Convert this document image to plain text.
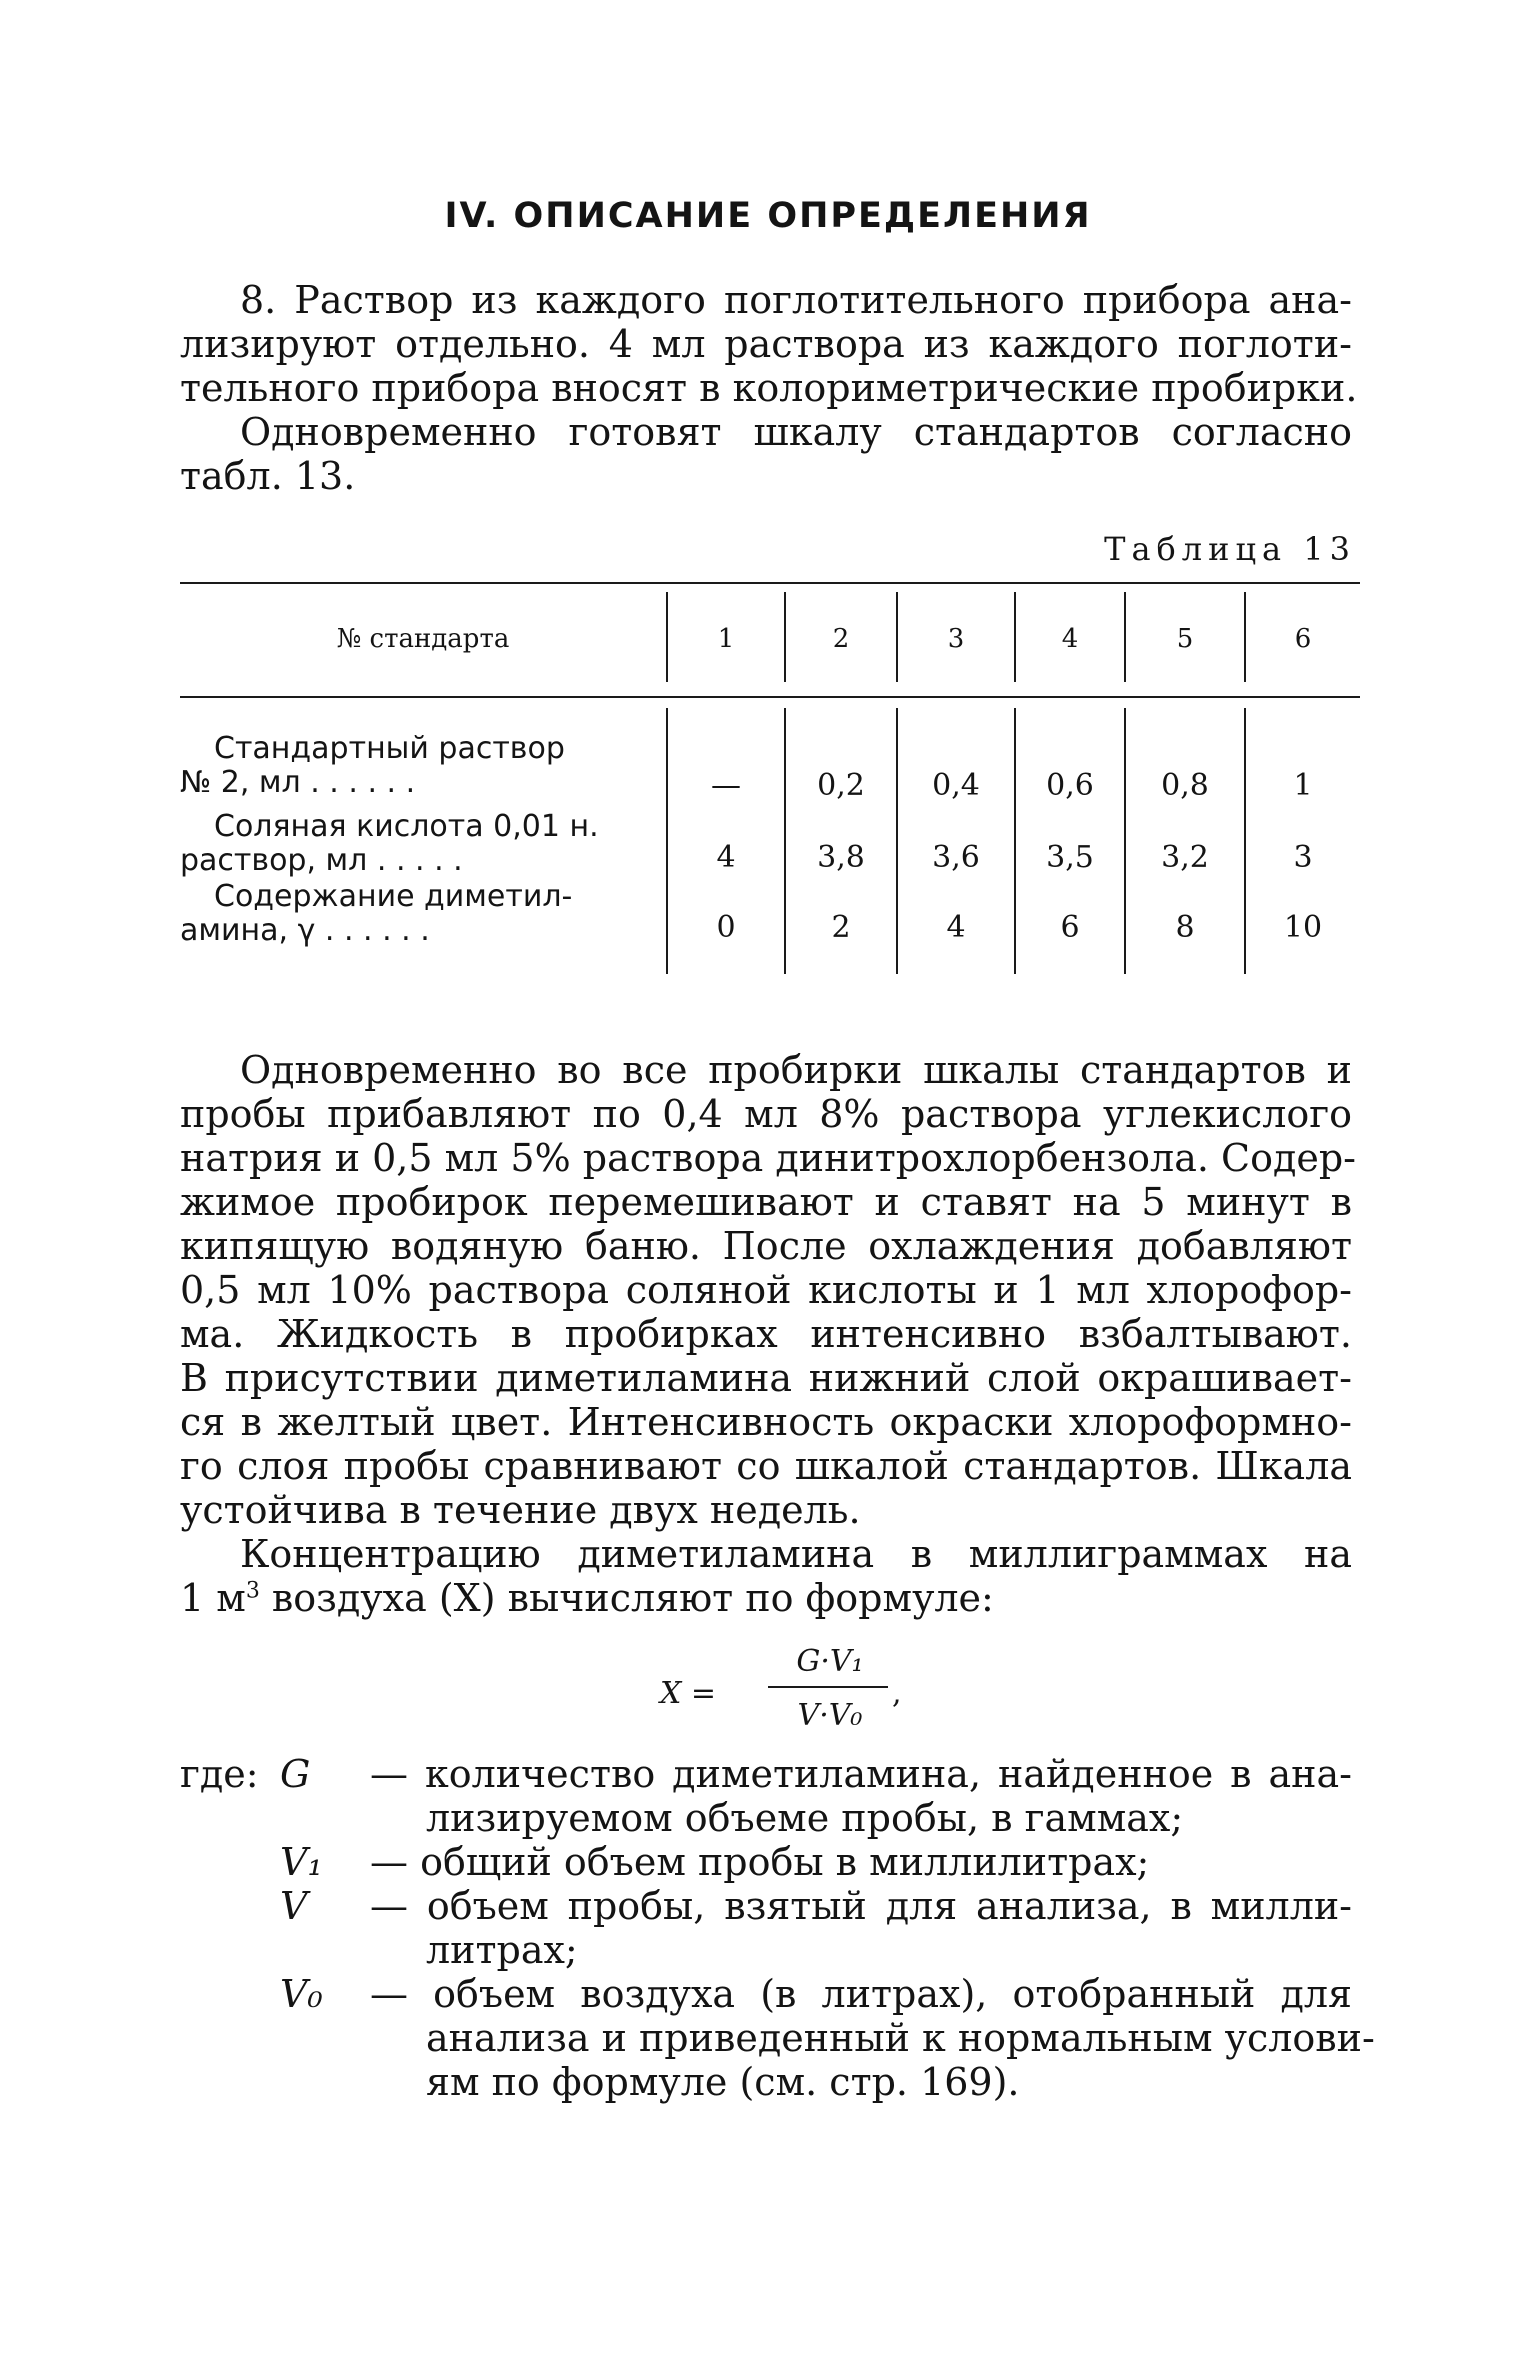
IV. ОПИСАНИЕ ОПРЕДЕЛЕНИЯ
8. Раствор из каждого поглотительного прибора ана-
лизируют отдельно. 4 мл раствора из каждого поглоти-
тельного прибора вносят в колориметрические пробирки.
Одновременно готовят шкалу стандартов согласно
табл. 13.
Таблица 13
№ стандарта	1	2	3	4	5	6
Стандартный раствор
№ 2, мл . . . . . .	—	0,2	0,4	0,6	0,8	1
Соляная кислота 0,01 н.
раствор, мл . . . . .	4	3,8	3,6	3,5	3,2	3
Содержание диметил-
амина, γ . . . . . .	0	2	4	6	8	10
Одновременно во все пробирки шкалы стандартов и
пробы прибавляют по 0,4 мл 8% раствора углекислого
натрия и 0,5 мл 5% раствора динитрохлорбензола. Содер-
жимое пробирок перемешивают и ставят на 5 минут в
кипящую водяную баню. После охлаждения добавляют
0,5 мл 10% раствора соляной кислоты и 1 мл хлорофор-
ма. Жидкость в пробирках интенсивно взбалтывают.
В присутствии диметиламина нижний слой окрашивает-
ся в желтый цвет. Интенсивность окраски хлороформно-
го слоя пробы сравнивают со шкалой стандартов. Шкала
устойчива в течение двух недель.
Концентрацию диметиламина в миллиграммах на
1 $м^3$ воздуха (X) вычисляют по формуле:
X =
G·V₁
V·V₀
,
где: G — количество диметиламина, найденное в ана-
лизируемом объеме пробы, в гаммах;
V₁ — общий объем пробы в миллилитрах;
V — объем пробы, взятый для анализа, в милли-
литрах;
V₀ — объем воздуха (в литрах), отобранный для
анализа и приведенный к нормальным услови-
ям по формуле (см. стр. 169).
